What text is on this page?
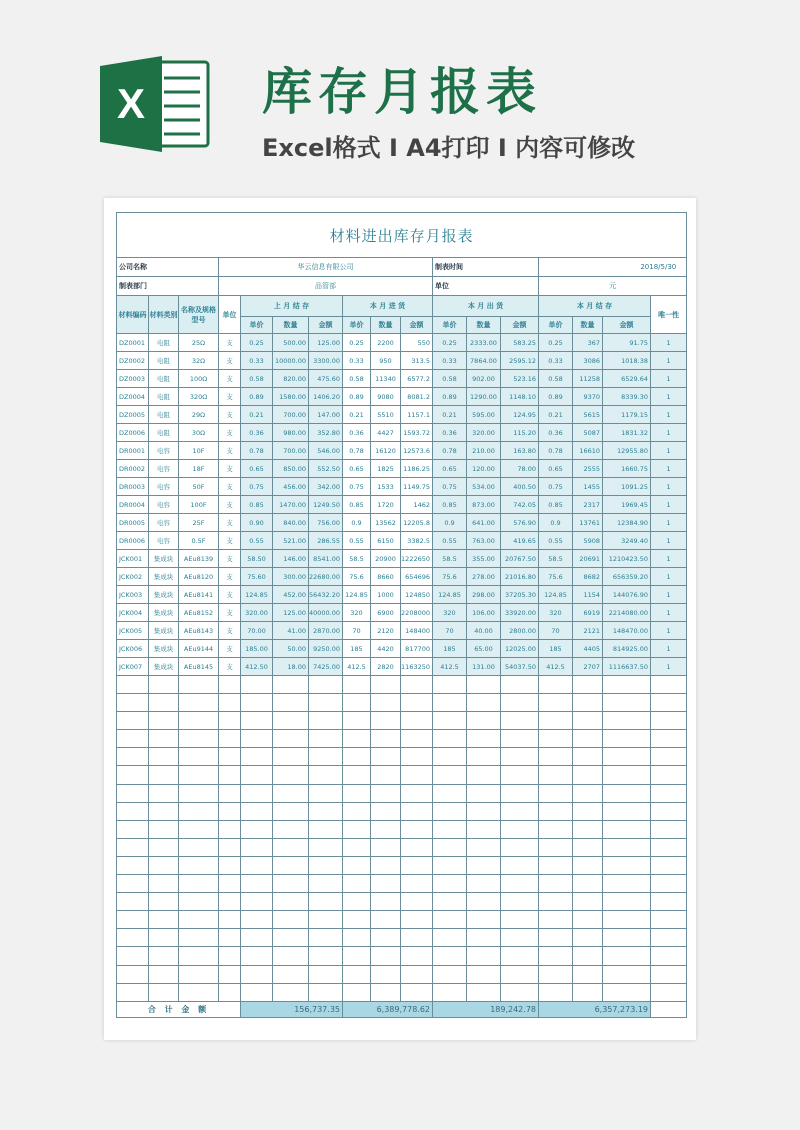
X 库存月报表
Excel格式 I A4打印 I 内容可修改
材料进出库存月报表																
公司名称			华云信息有限公司							制表时间			2018/5/30			
制表部门			品管部							单位			元			
材料编码	材料类别	名称及规格型号	单位	上 月 结 存			本 月 进 货			本 月 出 货			本 月 结 存			唯一性
				单价	数量	金额	单价	数量	金额	单价	数量	金额	单价	数量	金额	
DZ0001	电阻	25Ω	支	0.25	500.00	125.00	0.25	2200	550	0.25	2333.00	583.25	0.25	367	91.75	1
DZ0002	电阻	32Ω	支	0.33	10000.00	3300.00	0.33	950	313.5	0.33	7864.00	2595.12	0.33	3086	1018.38	1
DZ0003	电阻	100Ω	支	0.58	820.00	475.60	0.58	11340	6577.2	0.58	902.00	523.16	0.58	11258	6529.64	1
DZ0004	电阻	320Ω	支	0.89	1580.00	1406.20	0.89	9080	8081.2	0.89	1290.00	1148.10	0.89	9370	8339.30	1
DZ0005	电阻	29Ω	支	0.21	700.00	147.00	0.21	5510	1157.1	0.21	595.00	124.95	0.21	5615	1179.15	1
DZ0006	电阻	30Ω	支	0.36	980.00	352.80	0.36	4427	1593.72	0.36	320.00	115.20	0.36	5087	1831.32	1
DR0001	电容	10F	支	0.78	700.00	546.00	0.78	16120	12573.6	0.78	210.00	163.80	0.78	16610	12955.80	1
DR0002	电容	18F	支	0.65	850.00	552.50	0.65	1825	1186.25	0.65	120.00	78.00	0.65	2555	1660.75	1
DR0003	电容	50F	支	0.75	456.00	342.00	0.75	1533	1149.75	0.75	534.00	400.50	0.75	1455	1091.25	1
DR0004	电容	100F	支	0.85	1470.00	1249.50	0.85	1720	1462	0.85	873.00	742.05	0.85	2317	1969.45	1
DR0005	电容	25F	支	0.90	840.00	756.00	0.9	13562	12205.8	0.9	641.00	576.90	0.9	13761	12384.90	1
DR0006	电容	0.5F	支	0.55	521.00	286.55	0.55	6150	3382.5	0.55	763.00	419.65	0.55	5908	3249.40	1
JCK001	集成块	AEu8139	支	58.50	146.00	8541.00	58.5	20900	1222650	58.5	355.00	20767.50	58.5	20691	1210423.50	1
JCK002	集成块	AEu8120	支	75.60	300.00	22680.00	75.6	8660	654696	75.6	278.00	21016.80	75.6	8682	656359.20	1
JCK003	集成块	AEu8141	支	124.85	452.00	56432.20	124.85	1000	124850	124.85	298.00	37205.30	124.85	1154	144076.90	1
JCK004	集成块	AEu8152	支	320.00	125.00	40000.00	320	6900	2208000	320	106.00	33920.00	320	6919	2214080.00	1
JCK005	集成块	AEu8143	支	70.00	41.00	2870.00	70	2120	148400	70	40.00	2800.00	70	2121	148470.00	1
JCK006	集成块	AEu9144	支	185.00	50.00	9250.00	185	4420	817700	185	65.00	12025.00	185	4405	814925.00	1
JCK007	集成块	AEu8145	支	412.50	18.00	7425.00	412.5	2820	1163250	412.5	131.00	54037.50	412.5	2707	1116637.50	1

合 计 金 额				156,737.35			6,389,778.62			189,242.78			6,357,273.19			
